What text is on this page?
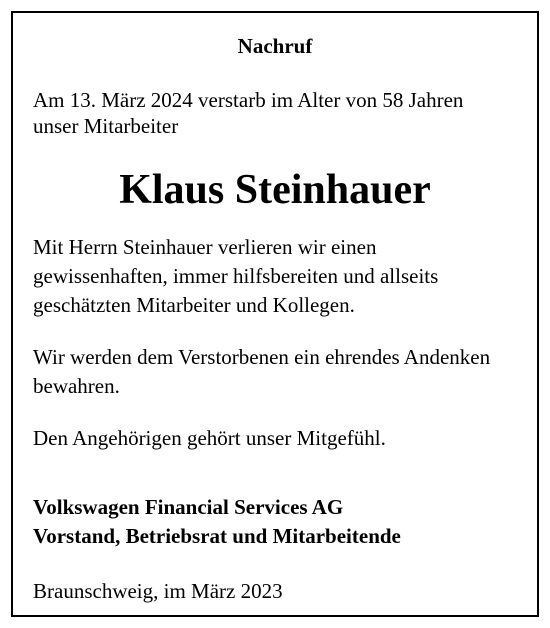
Nachruf
Am 13. März 2024 verstarb im Alter von 58 Jahren
unser Mitarbeiter
Klaus Steinhauer
Mit Herrn Steinhauer verlieren wir einen
gewissenhaften, immer hilfsbereiten und allseits
geschätzten Mitarbeiter und Kollegen.
Wir werden dem Verstorbenen ein ehrendes Andenken
bewahren.
Den Angehörigen gehört unser Mitgefühl.
Volkswagen Financial Services AG
Vorstand, Betriebsrat und Mitarbeitende
Braunschweig, im März 2023
